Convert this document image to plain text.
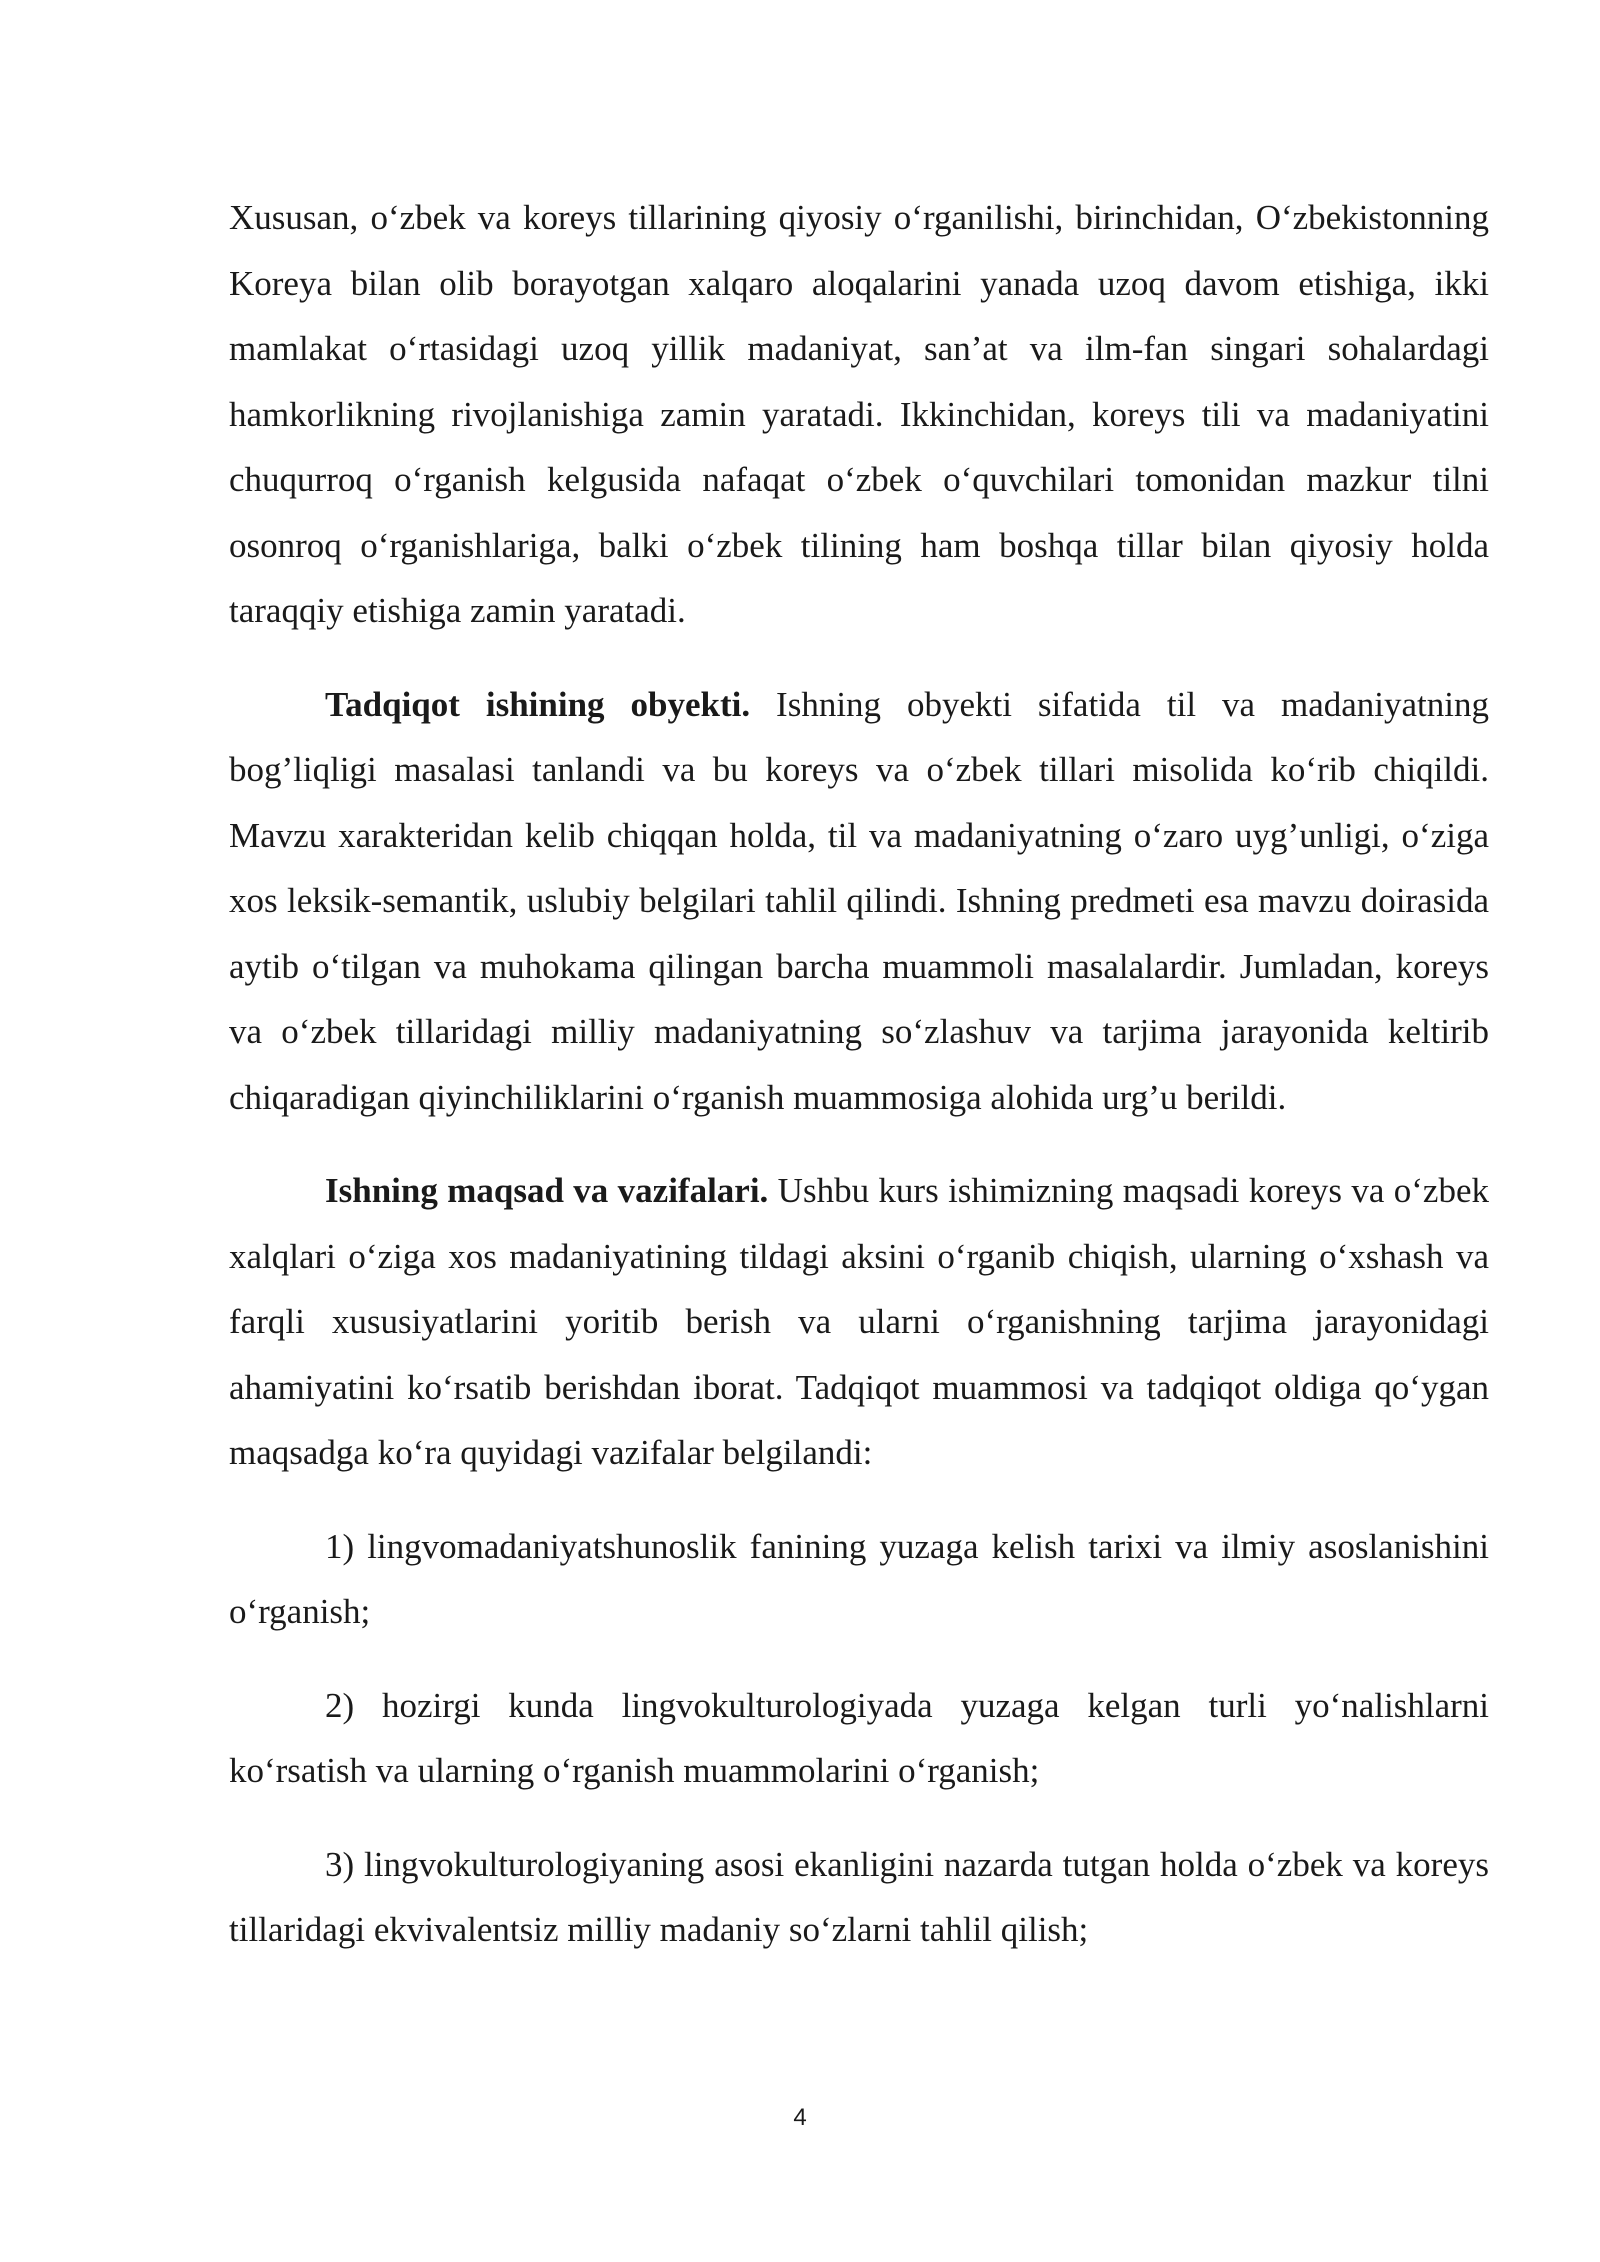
Xususan, o‘zbek va koreys tillarining qiyosiy o‘rganilishi, birinchidan, O‘zbekistonning Koreya bilan olib borayotgan xalqaro aloqalarini yanada uzoq davom etishiga, ikki mamlakat o‘rtasidagi uzoq yillik madaniyat, san’at va ilm-fan singari sohalardagi hamkorlikning rivojlanishiga zamin yaratadi. Ikkinchidan, koreys tili va madaniyatini chuqurroq o‘rganish kelgusida nafaqat o‘zbek o‘quvchilari tomonidan mazkur tilni osonroq o‘rganishlariga, balki o‘zbek tilining ham boshqa tillar bilan qiyosiy holda taraqqiy etishiga zamin yaratadi.

Tadqiqot ishining obyekti. Ishning obyekti sifatida til va madaniyatning bog’liqligi masalasi tanlandi va bu koreys va o‘zbek tillari misolida ko‘rib chiqildi. Mavzu xarakteridan kelib chiqqan holda, til va madaniyatning o‘zaro uyg’unligi, o‘ziga xos leksik-semantik, uslubiy belgilari tahlil qilindi. Ishning predmeti esa mavzu doirasida aytib o‘tilgan va muhokama qilingan barcha muammoli masalalardir. Jumladan, koreys va o‘zbek tillaridagi milliy madaniyatning so‘zlashuv va tarjima jarayonida keltirib chiqaradigan qiyinchiliklarini o‘rganish muammosiga alohida urg’u berildi.

Ishning maqsad va vazifalari. Ushbu kurs ishimizning maqsadi koreys va o‘zbek xalqlari o‘ziga xos madaniyatining tildagi aksini o‘rganib chiqish, ularning o‘xshash va farqli xususiyatlarini yoritib berish va ularni o‘rganishning tarjima jarayonidagi ahamiyatini ko‘rsatib berishdan iborat. Tadqiqot muammosi va tadqiqot oldiga qo‘ygan maqsadga ko‘ra quyidagi vazifalar belgilandi:

1) lingvomadaniyatshunoslik fanining yuzaga kelish tarixi va ilmiy asoslanishini o‘rganish;

2) hozirgi kunda lingvokulturologiyada yuzaga kelgan turli yo‘nalishlarni ko‘rsatish va ularning o‘rganish muammolarini o‘rganish;

3) lingvokulturologiyaning asosi ekanligini nazarda tutgan holda o‘zbek va koreys tillaridagi ekvivalentsiz milliy madaniy so‘zlarni tahlil qilish;

4
